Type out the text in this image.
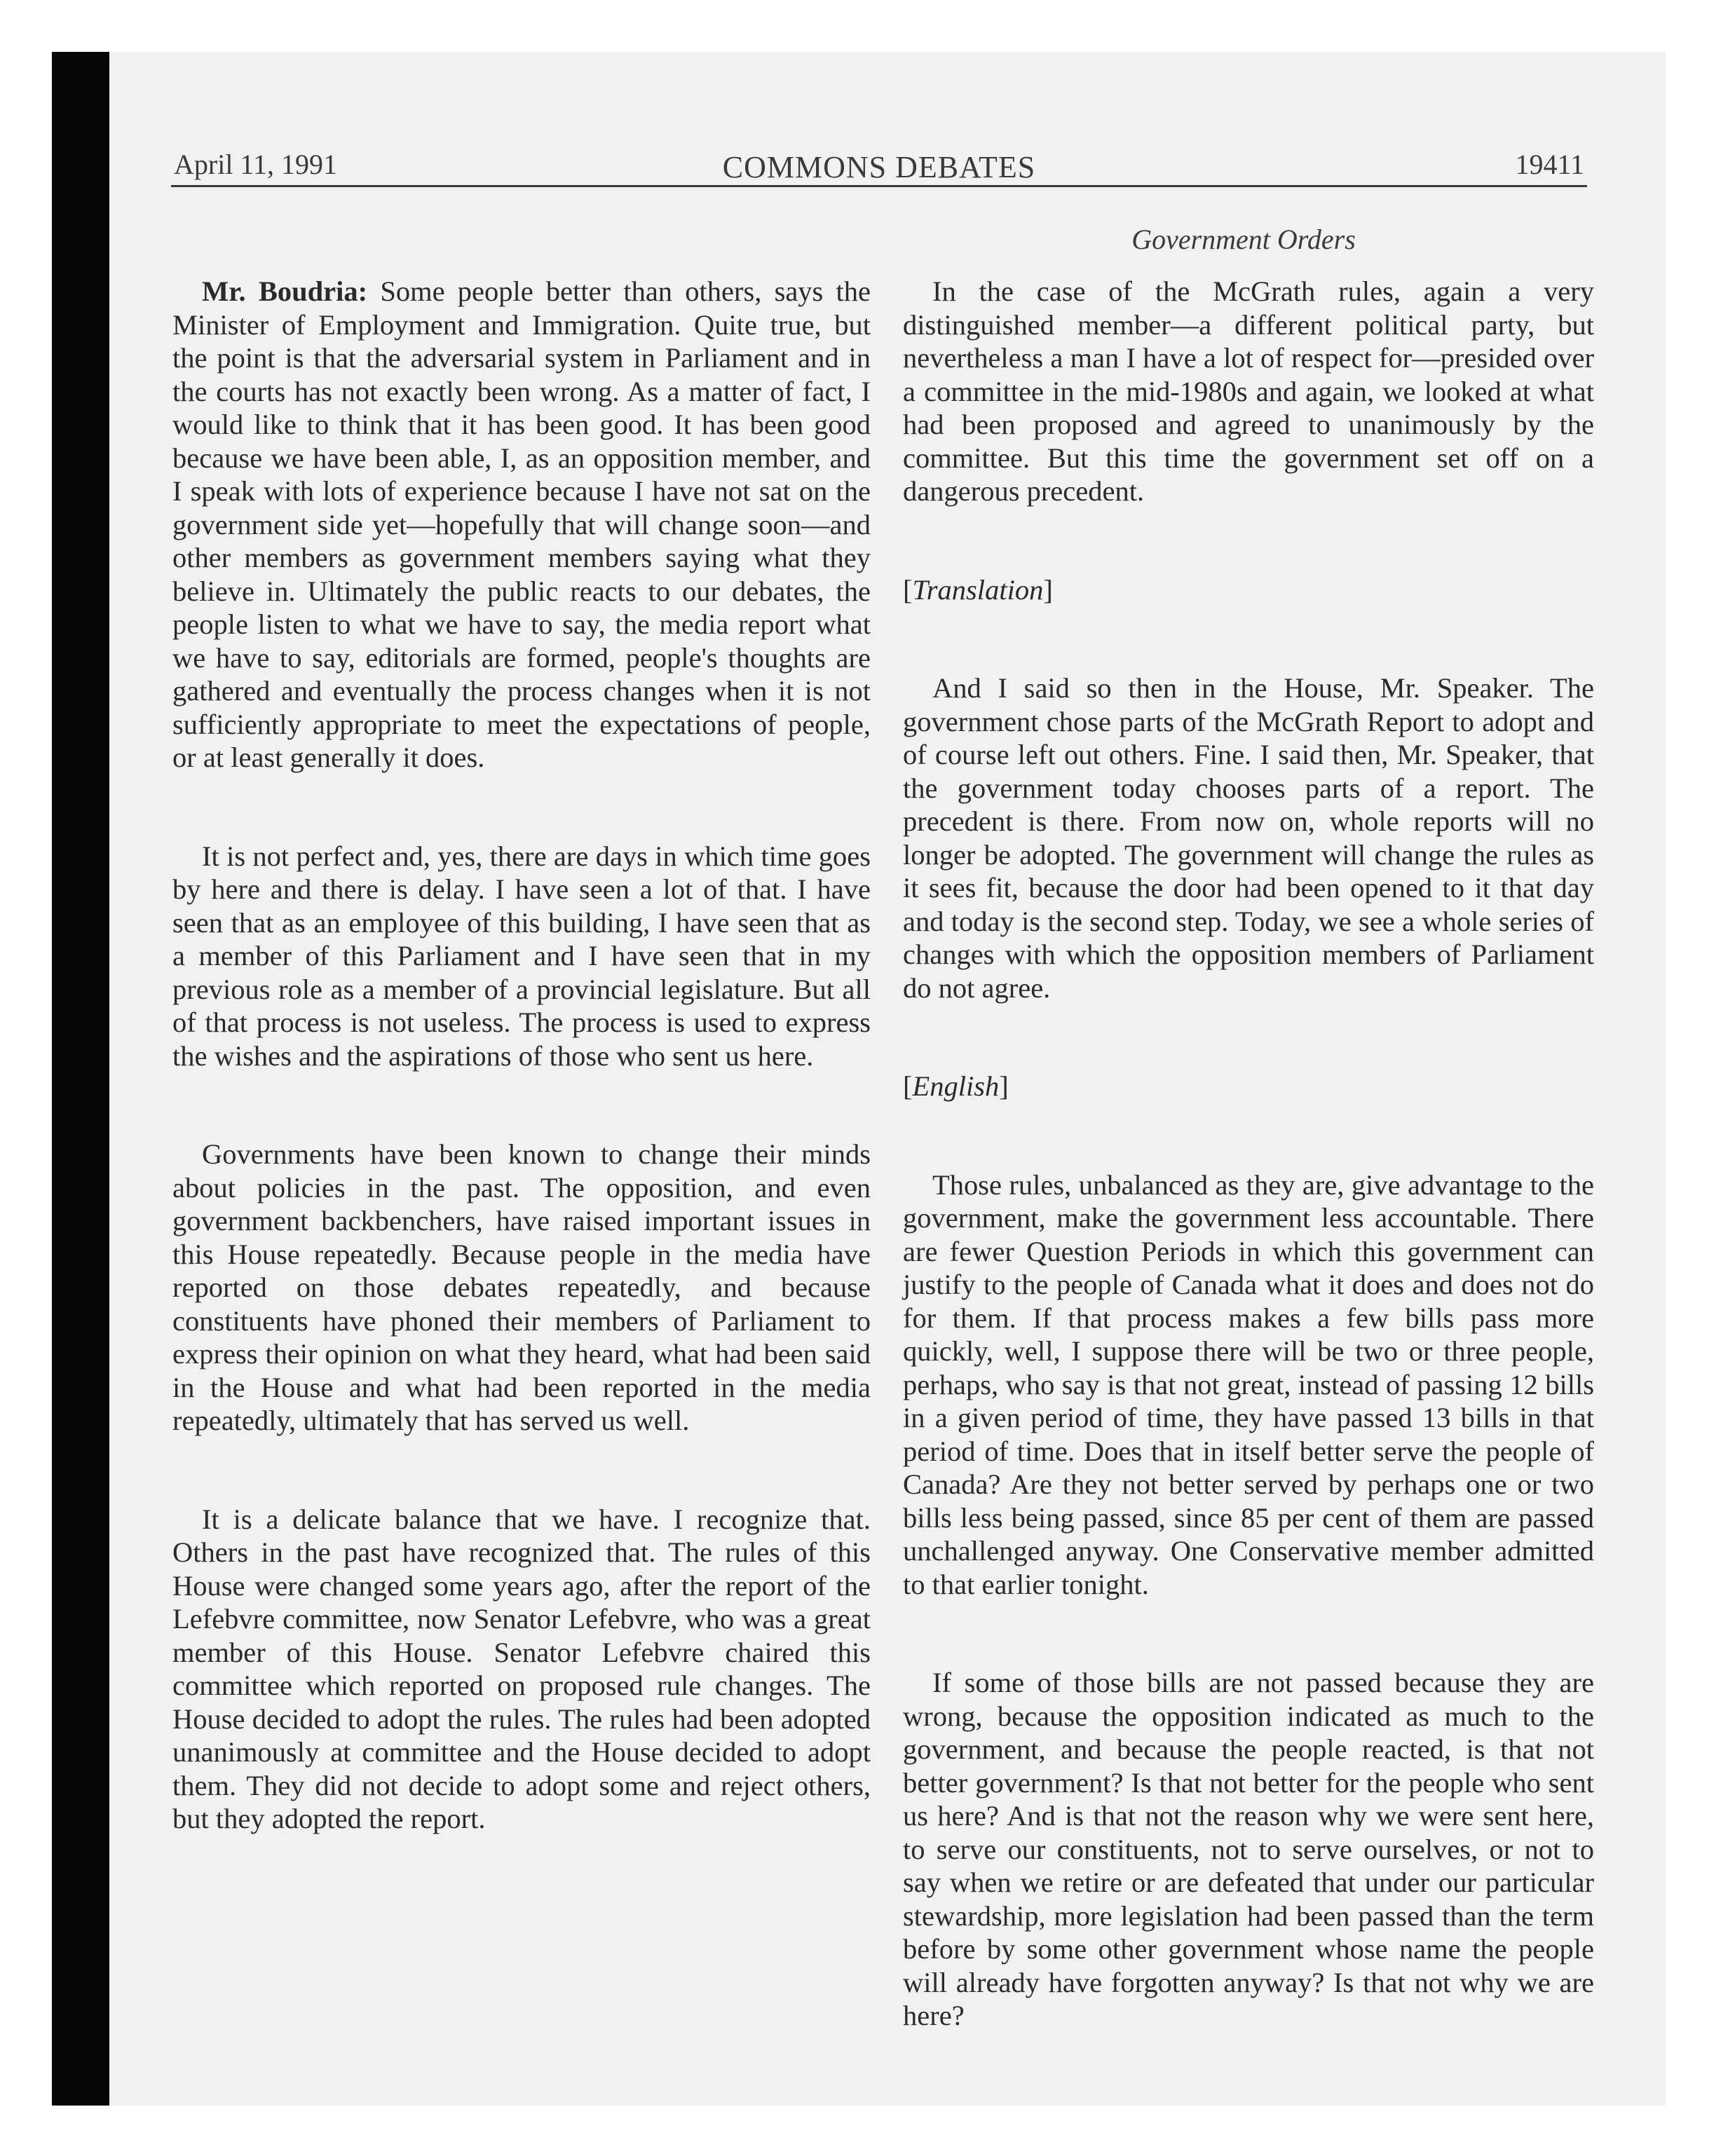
April 11, 1991	COMMONS DEBATES	19411
Government Orders

Mr. Boudria: Some people better than others, says the Minister of Employment and Immigration. Quite true, but the point is that the adversarial system in Parliament and in the courts has not exactly been wrong. As a matter of fact, I would like to think that it has been good. It has been good because we have been able, I, as an opposition member, and I speak with lots of experience because I have not sat on the government side yet—hopefully that will change soon—and other members as government members saying what they believe in. Ultimately the public reacts to our debates, the people listen to what we have to say, the media report what we have to say, editorials are formed, people's thoughts are gathered and eventually the process changes when it is not sufficiently appropriate to meet the expectations of people, or at least generally it does.

It is not perfect and, yes, there are days in which time goes by here and there is delay. I have seen a lot of that. I have seen that as an employee of this building, I have seen that as a member of this Parliament and I have seen that in my previous role as a member of a provincial legislature. But all of that process is not useless. The process is used to express the wishes and the aspirations of those who sent us here.

Governments have been known to change their minds about policies in the past. The opposition, and even government backbenchers, have raised important issues in this House repeatedly. Because people in the media have reported on those debates repeatedly, and because constituents have phoned their members of Parliament to express their opinion on what they heard, what had been said in the House and what had been reported in the media repeatedly, ultimately that has served us well.

It is a delicate balance that we have. I recognize that. Others in the past have recognized that. The rules of this House were changed some years ago, after the report of the Lefebvre committee, now Senator Lefebvre, who was a great member of this House. Senator Lefebvre chaired this committee which reported on proposed rule changes. The House decided to adopt the rules. The rules had been adopted unanimously at committee and the House decided to adopt them. They did not decide to adopt some and reject others, but they adopted the report.

In the case of the McGrath rules, again a very distinguished member—a different political party, but nevertheless a man I have a lot of respect for—presided over a committee in the mid-1980s and again, we looked at what had been proposed and agreed to unanimously by the committee. But this time the government set off on a dangerous precedent.

[Translation]

And I said so then in the House, Mr. Speaker. The government chose parts of the McGrath Report to adopt and of course left out others. Fine. I said then, Mr. Speaker, that the government today chooses parts of a report. The precedent is there. From now on, whole reports will no longer be adopted. The government will change the rules as it sees fit, because the door had been opened to it that day and today is the second step. Today, we see a whole series of changes with which the opposition members of Parliament do not agree.

[English]

Those rules, unbalanced as they are, give advantage to the government, make the government less accountable. There are fewer Question Periods in which this government can justify to the people of Canada what it does and does not do for them. If that process makes a few bills pass more quickly, well, I suppose there will be two or three people, perhaps, who say is that not great, instead of passing 12 bills in a given period of time, they have passed 13 bills in that period of time. Does that in itself better serve the people of Canada? Are they not better served by perhaps one or two bills less being passed, since 85 per cent of them are passed unchallenged anyway. One Conservative member admitted to that earlier tonight.

If some of those bills are not passed because they are wrong, because the opposition indicated as much to the government, and because the people reacted, is that not better government? Is that not better for the people who sent us here? And is that not the reason why we were sent here, to serve our constituents, not to serve ourselves, or not to say when we retire or are defeated that under our particular stewardship, more legislation had been passed than the term before by some other government whose name the people will already have forgotten anyway? Is that not why we are here?
